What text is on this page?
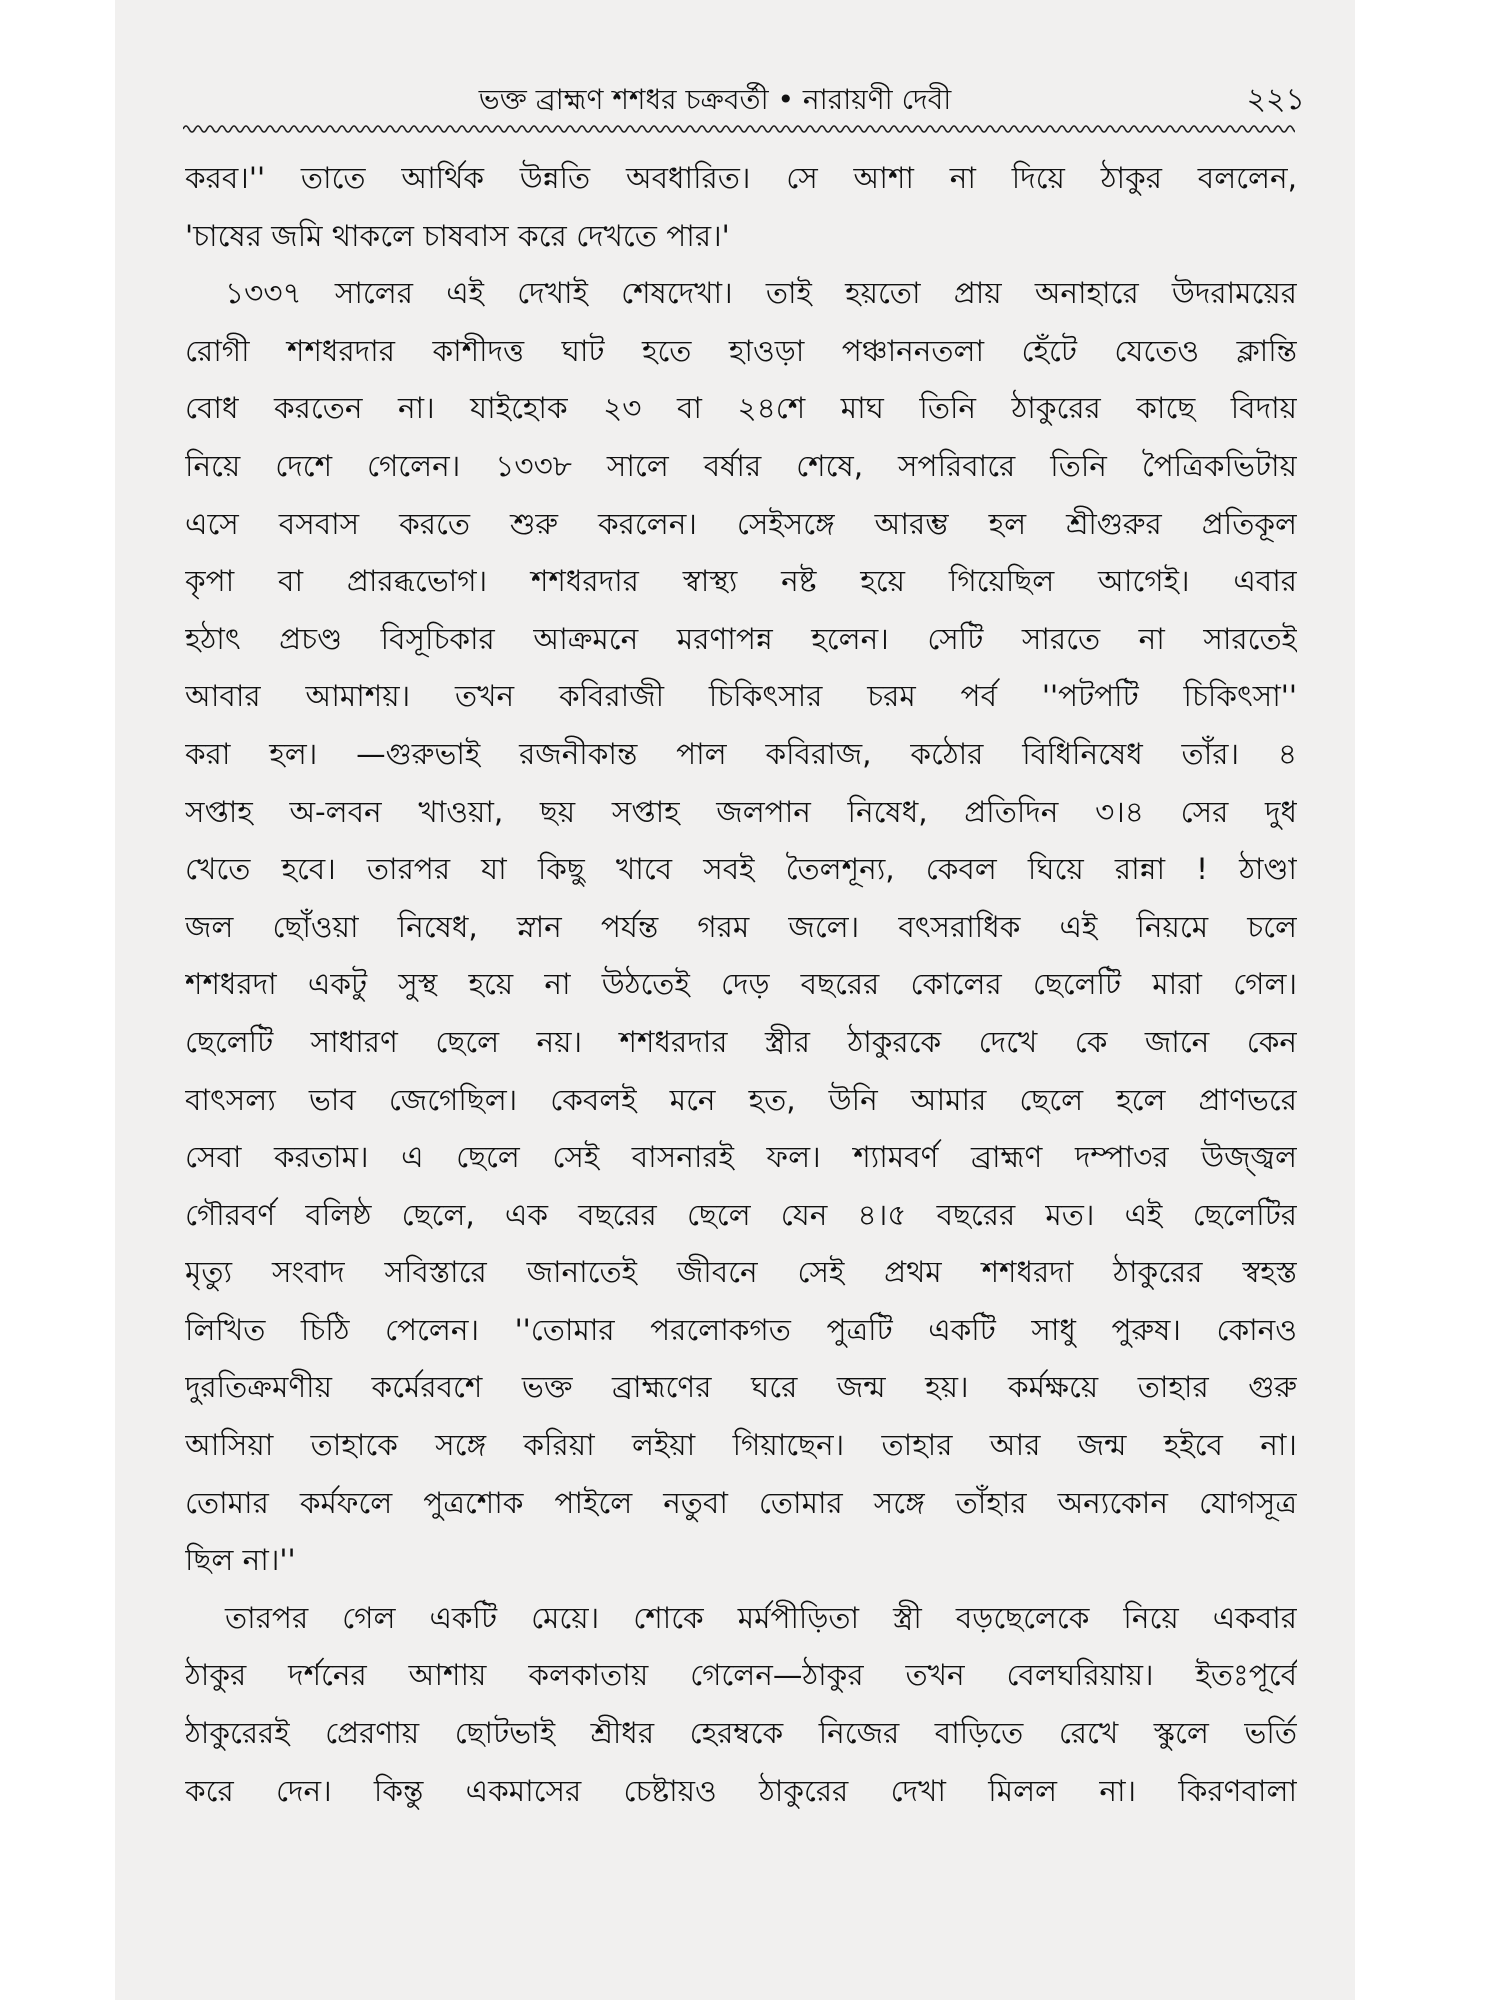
ভক্ত ব্রাহ্মণ শশধর চক্রবর্তী • নারায়ণী দেবী	২২১
করব।'' তাতে আর্থিক উন্নতি অবধারিত। সে আশা না দিয়ে ঠাকুর বললেন,
'চাষের জমি থাকলে চাষবাস করে দেখতে পার।'
১৩৩৭ সালের এই দেখাই শেষদেখা। তাই হয়তো প্রায় অনাহারে উদরাময়ের
রোগী শশধরদার কাশীদত্ত ঘাট হতে হাওড়া পঞ্চাননতলা হেঁটে যেতেও ক্লান্তি
বোধ করতেন না। যাইহোক ২৩ বা ২৪শে মাঘ তিনি ঠাকুরের কাছে বিদায়
নিয়ে দেশে গেলেন। ১৩৩৮ সালে বর্ষার শেষে, সপরিবারে তিনি পৈত্রিকভিটায়
এসে বসবাস করতে শুরু করলেন। সেইসঙ্গে আরম্ভ হল শ্রীগুরুর প্রতিকূল
কৃপা বা প্রারব্ধভোগ। শশধরদার স্বাস্থ্য নষ্ট হয়ে গিয়েছিল আগেই। এবার
হঠাৎ প্রচণ্ড বিসূচিকার আক্রমনে মরণাপন্ন হলেন। সেটি সারতে না সারতেই
আবার আমাশয়। তখন কবিরাজী চিকিৎসার চরম পর্ব ''পটপটি চিকিৎসা''
করা হল। —গুরুভাই রজনীকান্ত পাল কবিরাজ, কঠোর বিধিনিষেধ তাঁর। ৪
সপ্তাহ অ-লবন খাওয়া, ছয় সপ্তাহ জলপান নিষেধ, প্রতিদিন ৩।৪ সের দুধ
খেতে হবে। তারপর যা কিছু খাবে সবই তৈলশূন্য, কেবল ঘিয়ে রান্না ! ঠাণ্ডা
জল ছোঁওয়া নিষেধ, স্নান পর্যন্ত গরম জলে। বৎসরাধিক এই নিয়মে চলে
শশধরদা একটু সুস্থ হয়ে না উঠতেই দেড় বছরের কোলের ছেলেটি মারা গেল।
ছেলেটি সাধারণ ছেলে নয়। শশধরদার স্ত্রীর ঠাকুরকে দেখে কে জানে কেন
বাৎসল্য ভাব জেগেছিল। কেবলই মনে হত, উনি আমার ছেলে হলে প্রাণভরে
সেবা করতাম। এ ছেলে সেই বাসনারই ফল। শ্যামবর্ণ ব্রাহ্মণ দম্পা৩র উজ্জ্বল
গৌরবর্ণ বলিষ্ঠ ছেলে, এক বছরের ছেলে যেন ৪।৫ বছরের মত। এই ছেলেটির
মৃত্যু সংবাদ সবিস্তারে জানাতেই জীবনে সেই প্রথম শশধরদা ঠাকুরের স্বহস্ত
লিখিত চিঠি পেলেন। ''তোমার পরলোকগত পুত্রটি একটি সাধু পুরুষ। কোনও
দুরতিক্রমণীয় কর্মেরবশে ভক্ত ব্রাহ্মণের ঘরে জন্ম হয়। কর্মক্ষয়ে তাহার গুরু
আসিয়া তাহাকে সঙ্গে করিয়া লইয়া গিয়াছেন। তাহার আর জন্ম হইবে না।
তোমার কর্মফলে পুত্রশোক পাইলে নতুবা তোমার সঙ্গে তাঁহার অন্যকোন যোগসূত্র
ছিল না।''
তারপর গেল একটি মেয়ে। শোকে মর্মপীড়িতা স্ত্রী বড়ছেলেকে নিয়ে একবার
ঠাকুর দর্শনের আশায় কলকাতায় গেলেন—ঠাকুর তখন বেলঘরিয়ায়। ইতঃপূর্বে
ঠাকুরেরই প্রেরণায় ছোটভাই শ্রীধর হেরম্বকে নিজের বাড়িতে রেখে স্কুলে ভর্তি
করে দেন। কিন্তু একমাসের চেষ্টায়ও ঠাকুরের দেখা মিলল না। কিরণবালা
